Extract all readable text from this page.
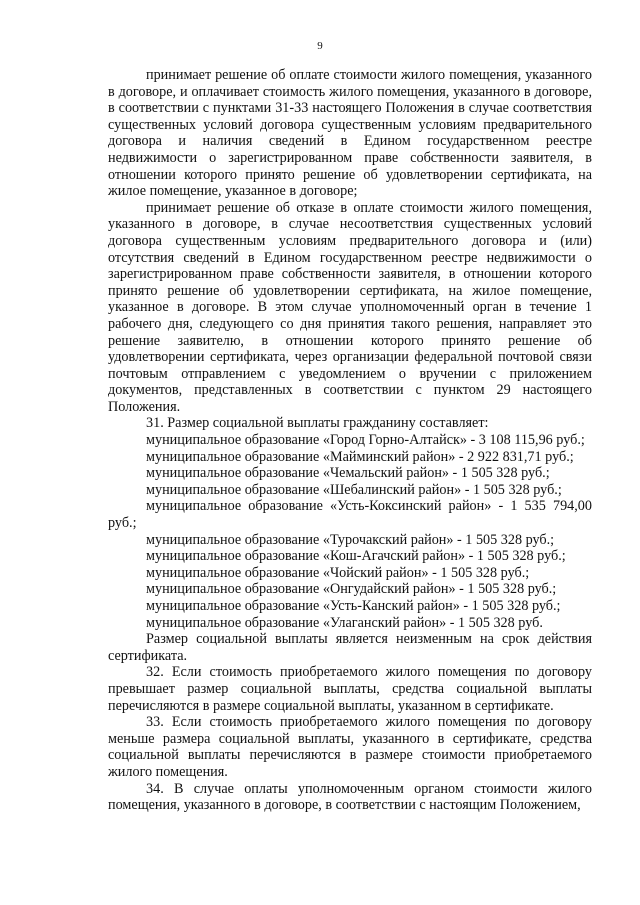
9

принимает решение об оплате стоимости жилого помещения, указанного в договоре, и оплачивает стоимость жилого помещения, указанного в договоре, в соответствии с пунктами 31-33 настоящего Положения в случае соответствия существенных условий договора существенным условиям предварительного договора и наличия сведений в Едином государственном реестре недвижимости о зарегистрированном праве собственности заявителя, в отношении которого принято решение об удовлетворении сертификата, на жилое помещение, указанное в договоре;

принимает решение об отказе в оплате стоимости жилого помещения, указанного в договоре, в случае несоответствия существенных условий договора существенным условиям предварительного договора и (или) отсутствия сведений в Едином государственном реестре недвижимости о зарегистрированном праве собственности заявителя, в отношении которого принято решение об удовлетворении сертификата, на жилое помещение, указанное в договоре. В этом случае уполномоченный орган в течение 1 рабочего дня, следующего со дня принятия такого решения, направляет это решение заявителю, в отношении которого принято решение об удовлетворении сертификата, через организации федеральной почтовой связи почтовым отправлением с уведомлением о вручении с приложением документов, представленных в соответствии с пунктом 29 настоящего Положения.

31. Размер социальной выплаты гражданину составляет:

муниципальное образование «Город Горно-Алтайск» - 3 108 115,96 руб.;

муниципальное образование «Майминский район» - 2 922 831,71 руб.;

муниципальное образование «Чемальский район» - 1 505 328 руб.;

муниципальное образование «Шебалинский район» - 1 505 328 руб.;

муниципальное образование «Усть-Коксинский район» - 1 535 794,00 руб.;

муниципальное образование «Турочакский район» - 1 505 328 руб.;

муниципальное образование «Кош-Агачский район» - 1 505 328 руб.;

муниципальное образование «Чойский район» - 1 505 328 руб.;

муниципальное образование «Онгудайский район» - 1 505 328 руб.;

муниципальное образование «Усть-Канский район» - 1 505 328 руб.;

муниципальное образование «Улаганский район» - 1 505 328 руб.

Размер социальной выплаты является неизменным на срок действия сертификата.

32. Если стоимость приобретаемого жилого помещения по договору превышает размер социальной выплаты, средства социальной выплаты перечисляются в размере социальной выплаты, указанном в сертификате.

33. Если стоимость приобретаемого жилого помещения по договору меньше размера социальной выплаты, указанного в сертификате, средства социальной выплаты перечисляются в размере стоимости приобретаемого жилого помещения.

34. В случае оплаты уполномоченным органом стоимости жилого помещения, указанного в договоре, в соответствии с настоящим Положением,
